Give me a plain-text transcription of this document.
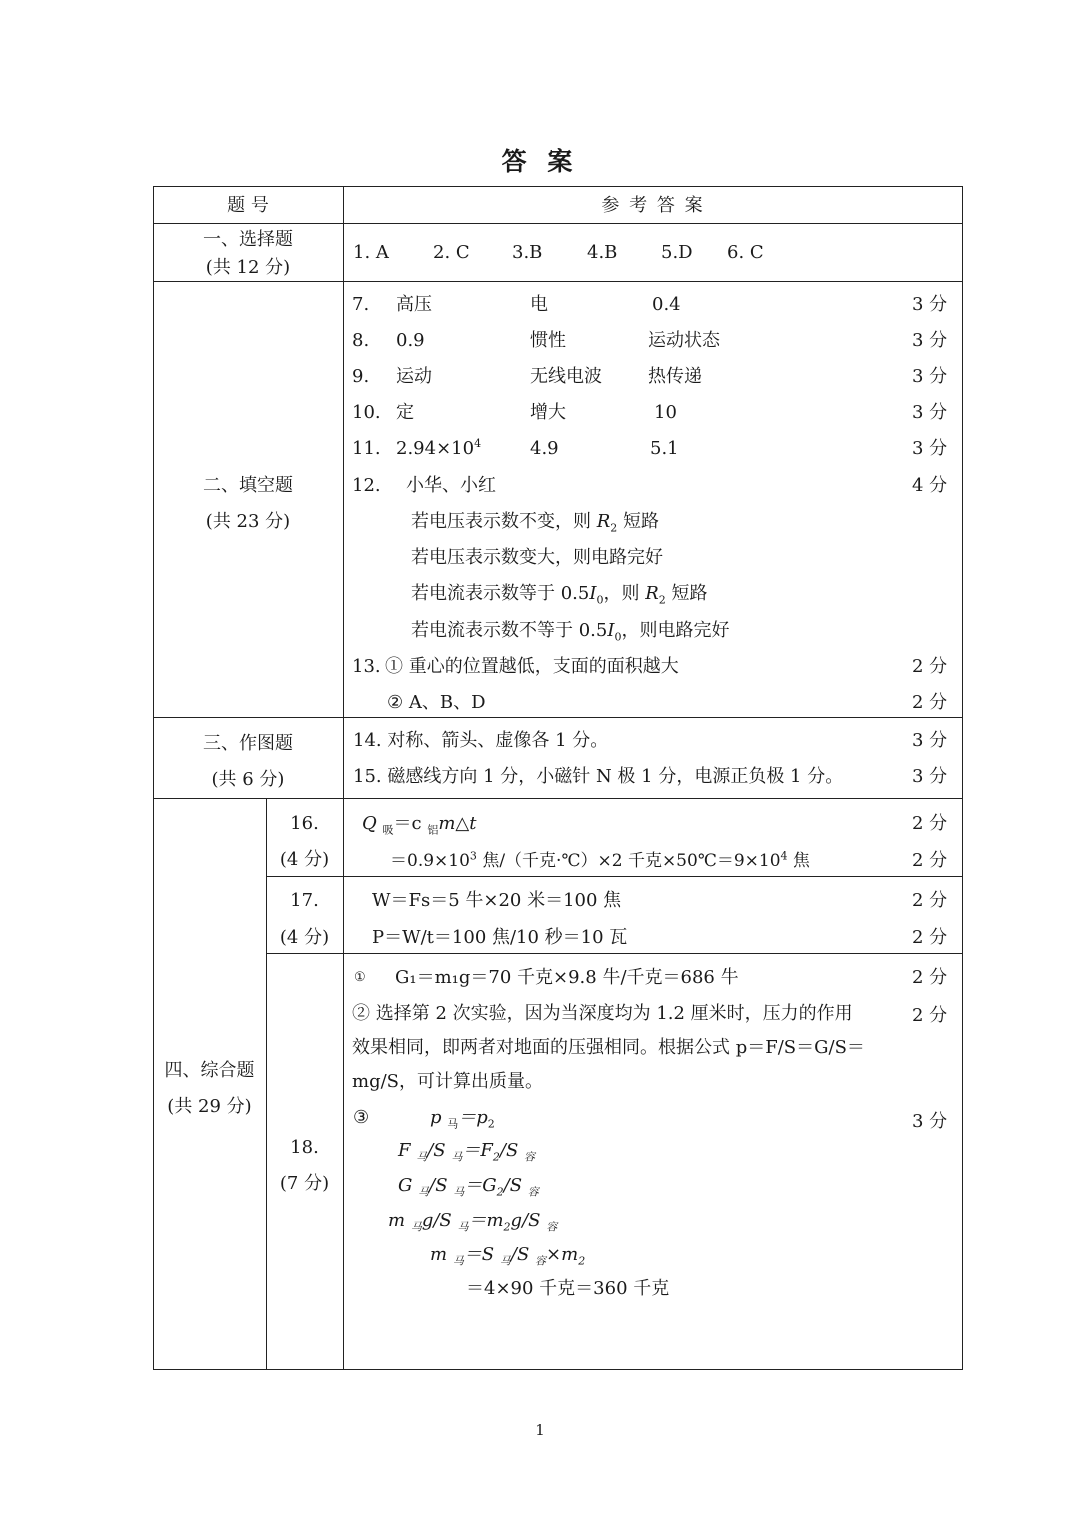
答 案
题 号	参 考 答 案
一、选择题
(共 12 分)
1. A 2. C 3.B 4.B 5.D 6. C
二、填空题
(共 23 分)
7. 高压	电	0.4	3 分
8. 0.9	惯性	运动状态	3 分
9. 运动	无线电波	热传递	3 分
10. 定	增大	10	3 分
11. $2.94\times 10^4$	4.9	5.1	3 分
12. 小华、小红	4 分
若电压表示数不变，则 $R_2$ 短路
若电压表示数变大，则电路完好
若电流表示数等于 $0.5I_0$，则 $R_2$ 短路
若电流表示数不等于 $0.5I_0$，则电路完好
13. ① 重心的位置越低，支面的面积越大	2 分
② A、B、D	2 分
三、作图题
(共 6 分)
14. 对称、箭头、虚像各 1 分。	3 分
15. 磁感线方向 1 分，小磁针 N 极 1 分，电源正负极 1 分。	3 分
四、综合题
(共 29 分)
16.
(4 分)
Q $_吸$＝c $_铝$m△t	2 分
$=0.9\times 10^3$ 焦/（千克·℃）×2 千克$\times 50℃=9\times 10^4$ 焦	2 分
17.
(4 分)
W＝Fs＝5 牛×20 米＝100 焦	2 分
P＝W/t＝100 焦/10 秒＝10 瓦	2 分
18.
(7 分)
① G₁＝m₁g＝70 千克×9.8 牛/千克＝686 牛	2 分
② 选择第 2 次实验，因为当深度均为 1.2 厘米时，压力的作用	2 分
效果相同，即两者对地面的压强相同。根据公式 p＝F/S＝G/S＝
mg/S，可计算出质量。
③	3 分
p $_马=p_2$
F $_马$/S $_马=F_2/S$ $_容$
G $_马$/S $_马=G_2/S$ $_容$
m $_马$g/S $_马=m_2g/S$ $_容$
m $_马$＝S $_马$/S $_容\times m_2$
＝4×90 千克＝360 千克
1
